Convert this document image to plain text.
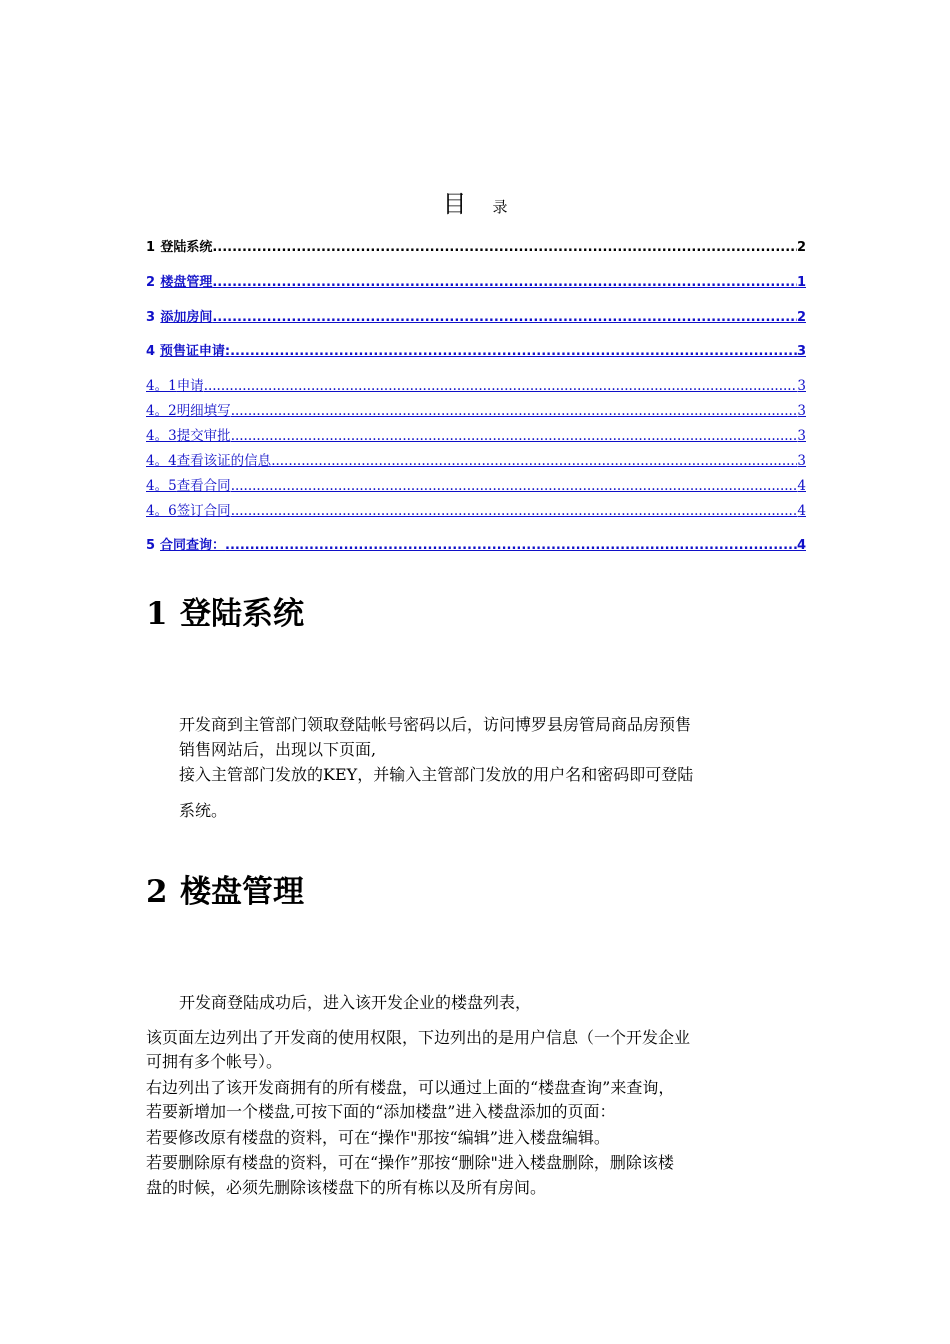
目 录
1 登陆系统 .....	2
2 楼盘管理 .....	1
3 添加房间 .....	2
4 预售证申请: .....	3
4。1 申请 .....	3
4。2 明细填写 .....	3
4。3 提交审批 .....	3
4。4 查看该证的信息 .....	3
4。5 查看合同 .....	4
4。6 签订合同 .....	4
5 合同查询： .....	4
1 登陆系统

开发商到主管部门领取登陆帐号密码以后，访问博罗县房管局商品房预售

销售网站后，出现以下页面,

接入主管部门发放的KEY，并输入主管部门发放的用户名和密码即可登陆

系统。

2 楼盘管理

开发商登陆成功后，进入该开发企业的楼盘列表，

该页面左边列出了开发商的使用权限，下边列出的是用户信息（一个开发企业

可拥有多个帐号）。

右边列出了该开发商拥有的所有楼盘，可以通过上面的“楼盘查询”来查询，

若要新增加一个楼盘,可按下面的“添加楼盘”进入楼盘添加的页面：

若要修改原有楼盘的资料，可在“操作"那按“编辑”进入楼盘编辑。

若要删除原有楼盘的资料，可在“操作”那按“删除"进入楼盘删除，删除该楼

盘的时候，必须先删除该楼盘下的所有栋以及所有房间。
